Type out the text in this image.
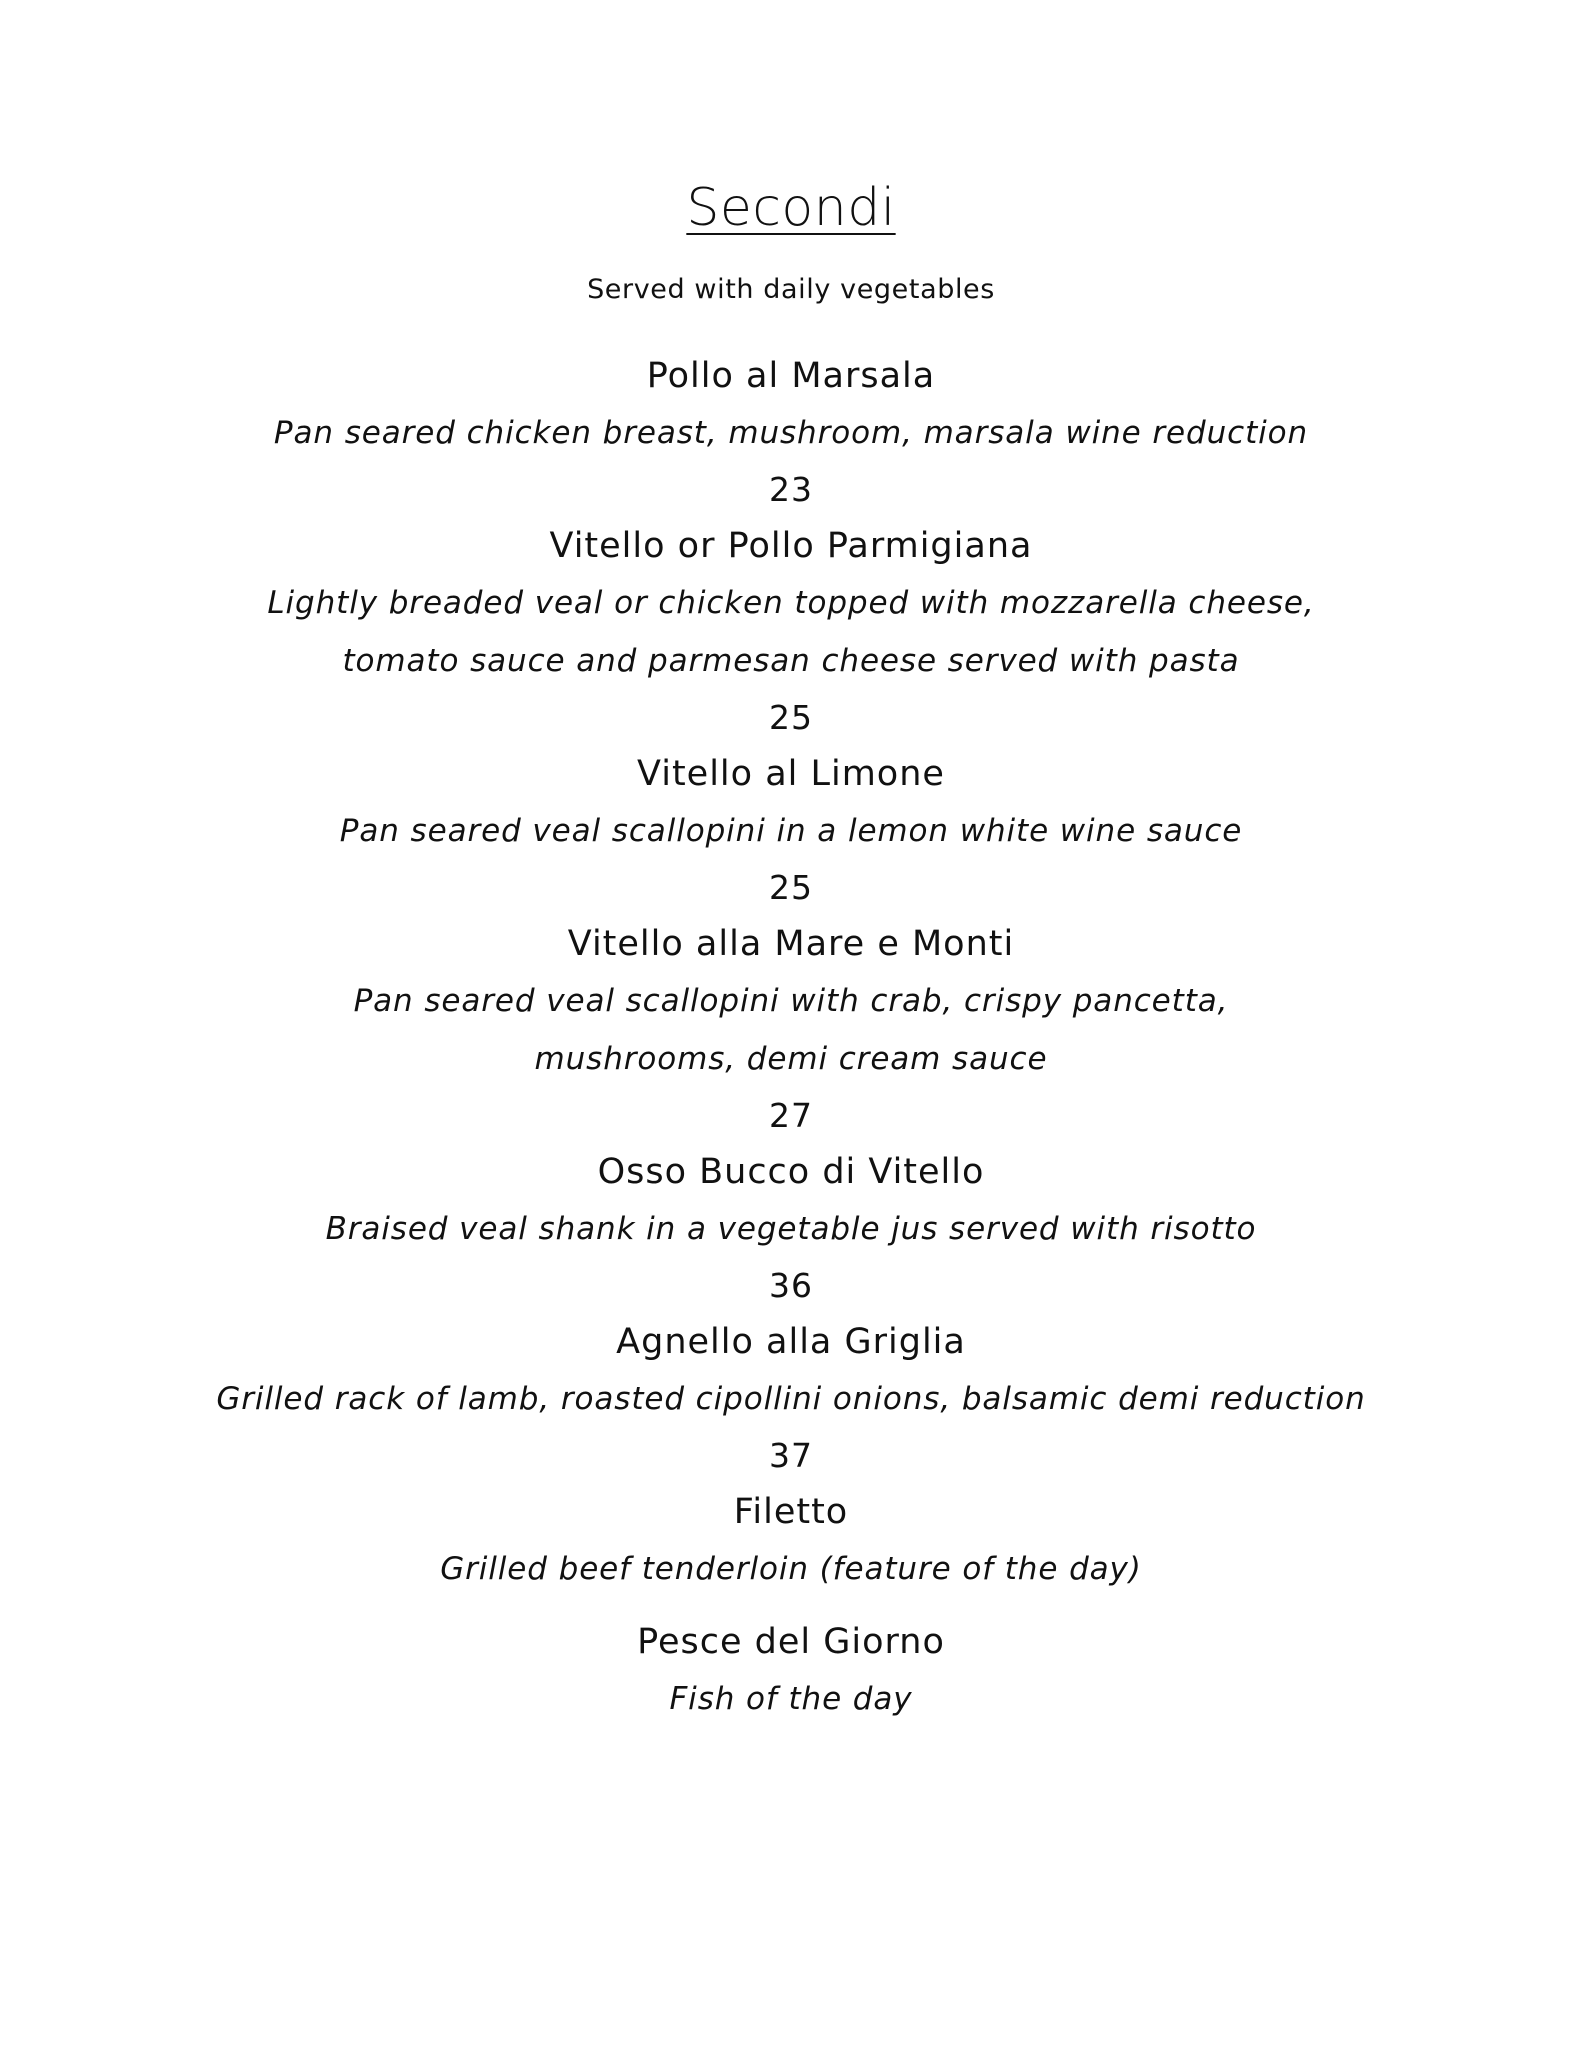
Secondi
Served with daily vegetables
Pollo al Marsala
Pan seared chicken breast, mushroom, marsala wine reduction
23
Vitello or Pollo Parmigiana
Lightly breaded veal or chicken topped with mozzarella cheese, tomato sauce and parmesan cheese served with pasta
25
Vitello al Limone
Pan seared veal scallopini in a lemon white wine sauce
25
Vitello alla Mare e Monti
Pan seared veal scallopini with crab, crispy pancetta, mushrooms, demi cream sauce
27
Osso Bucco di Vitello
Braised veal shank in a vegetable jus served with risotto
36
Agnello alla Griglia
Grilled rack of lamb, roasted cipollini onions, balsamic demi reduction
37
Filetto
Grilled beef tenderloin (feature of the day)
Pesce del Giorno
Fish of the day
